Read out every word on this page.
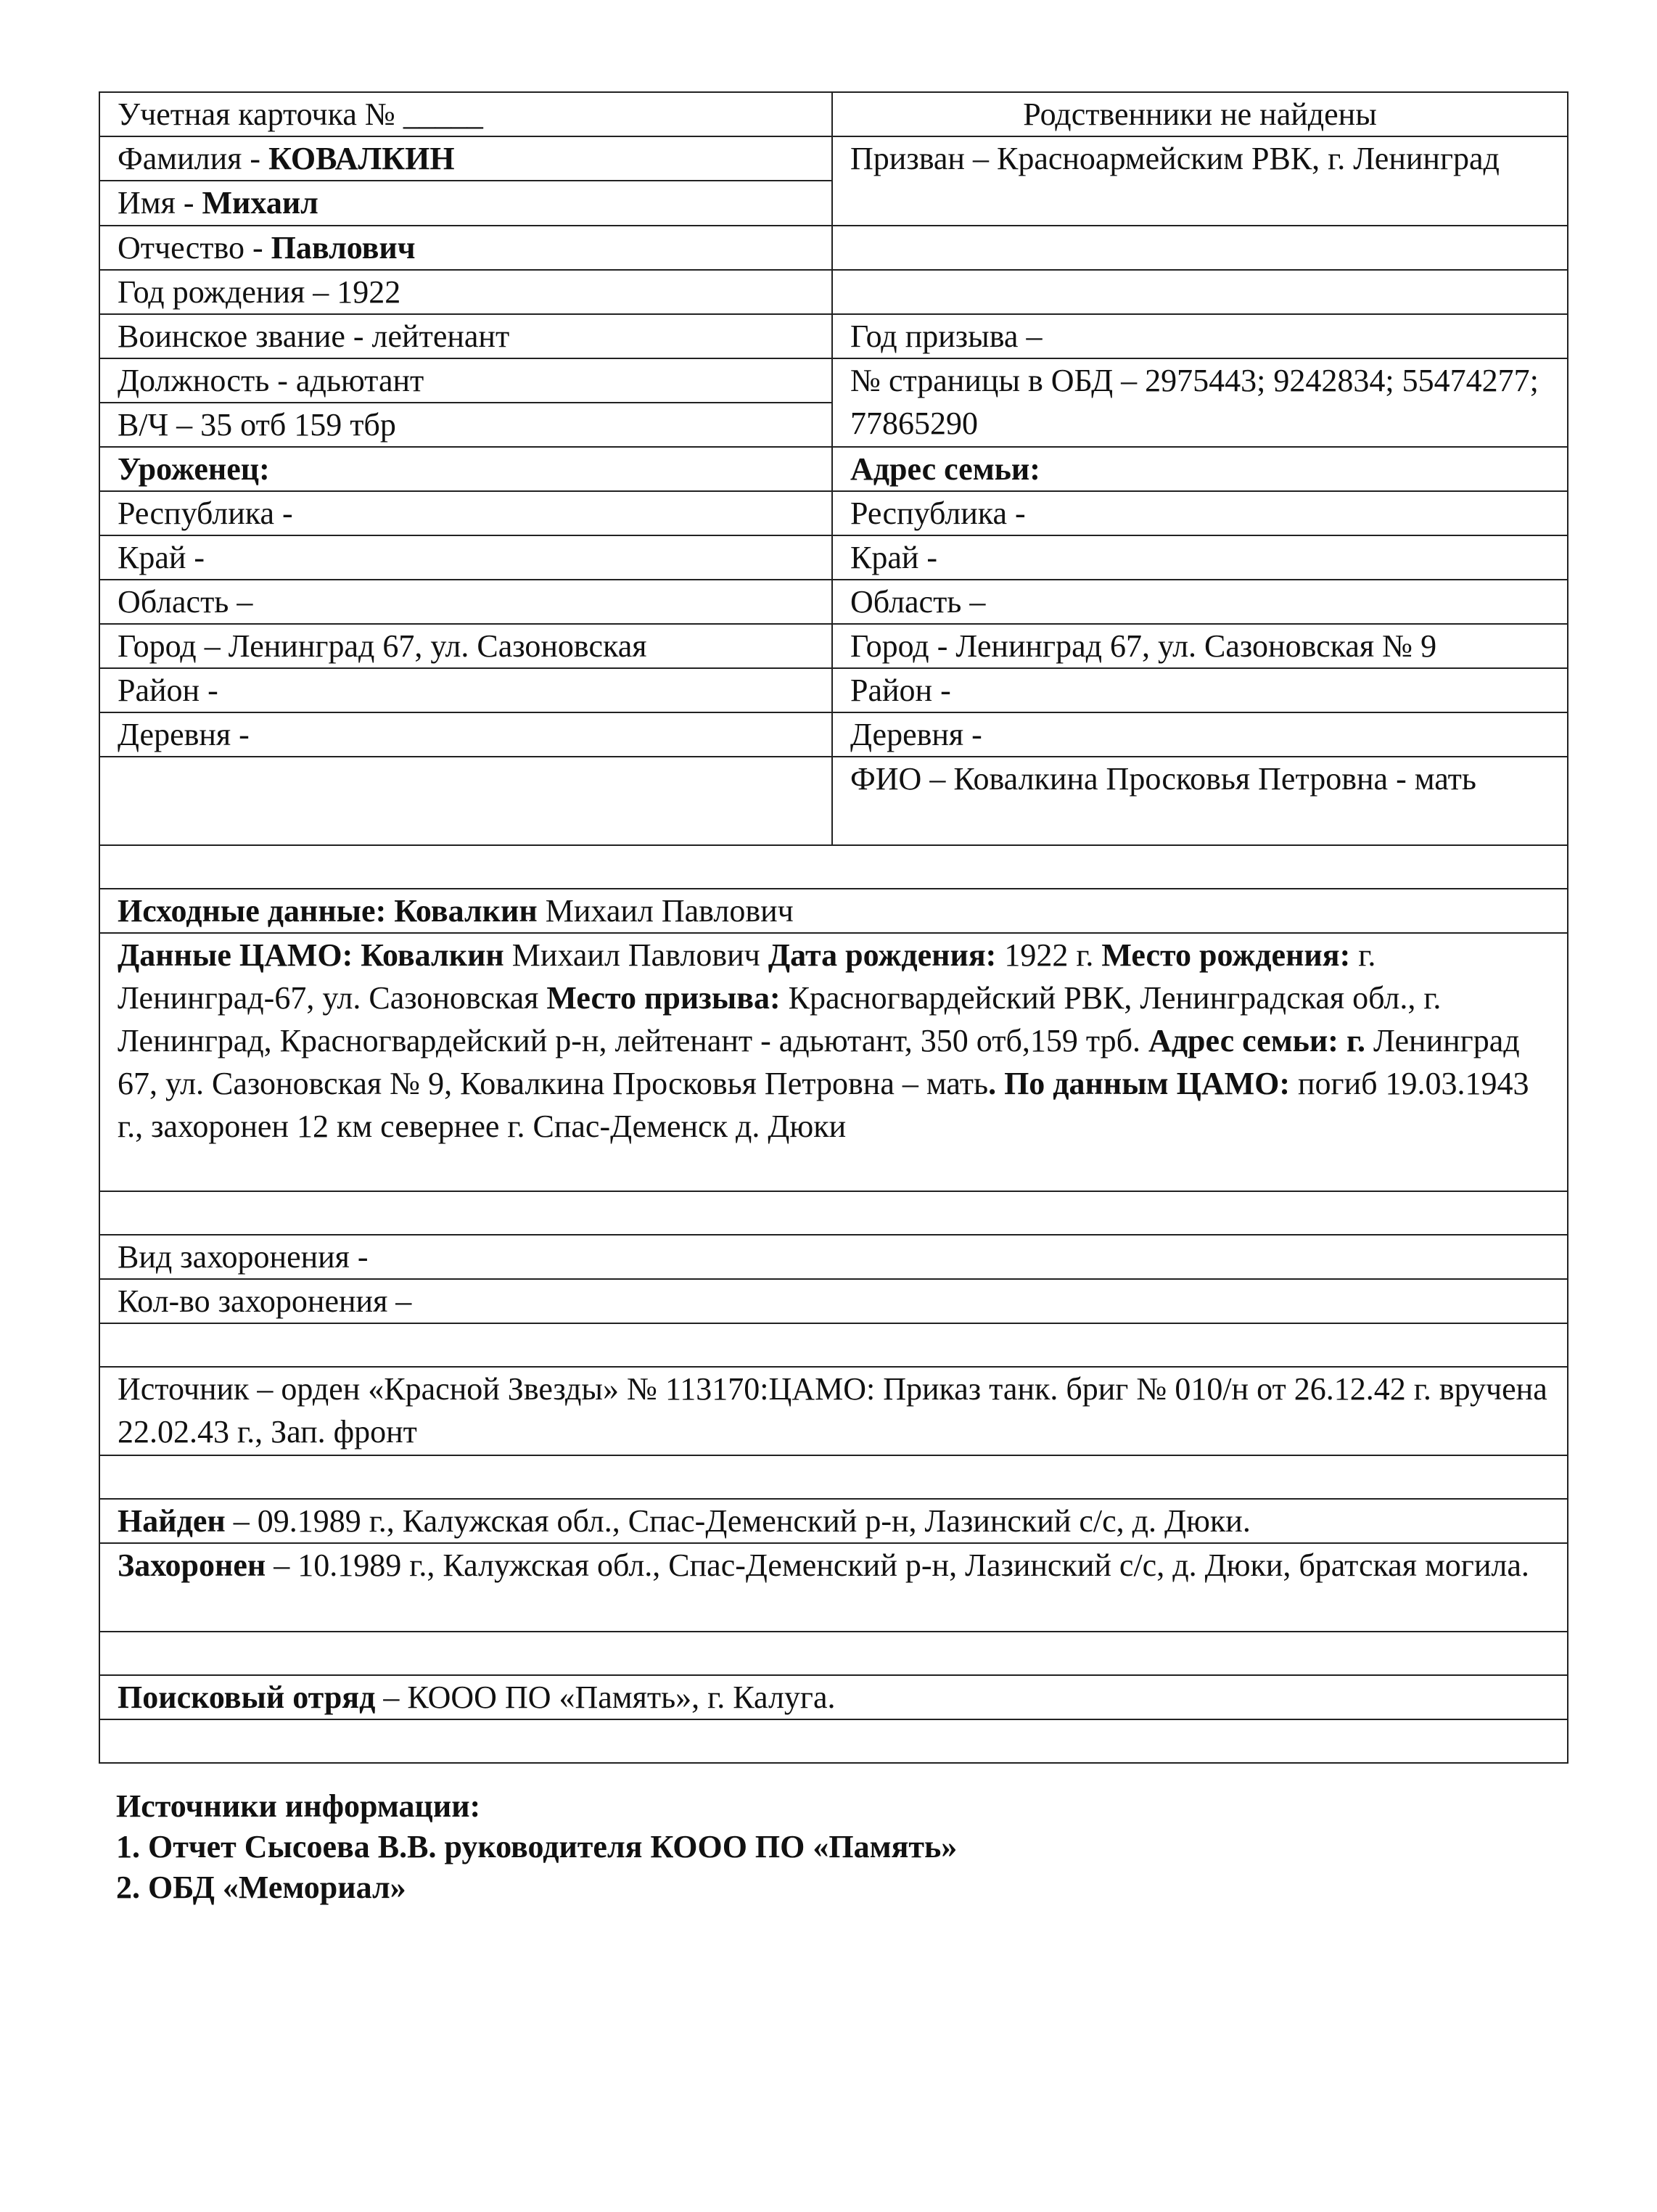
Учетная карточка № _____	Родственники не найдены
Фамилия - КОВАЛКИН	Призван – Красноармейским РВК, г. Ленинград
Имя - Михаил	
Отчество - Павлович	
Год рождения – 1922	
Воинское звание - лейтенант	Год призыва –
Должность - адьютант	№ страницы в ОБД – 2975443; 9242834; 55474277; 77865290
В/Ч – 35 отб 159 тбр	
Уроженец:	Адрес семьи:
Республика -	Республика -
Край -	Край -
Область –	Область –
Город – Ленинград 67, ул. Сазоновская	Город - Ленинград 67, ул. Сазоновская № 9
Район -	Район -
Деревня -	Деревня -
	ФИО – Ковалкина Просковья Петровна - мать

Исходные данные: Ковалкин Михаил Павлович	
Данные ЦАМО: Ковалкин Михаил Павлович Дата рождения: 1922 г. Место рождения: г. Ленинград-67, ул. Сазоновская Место призыва: Красногвардейский РВК, Ленинградская обл., г. Ленинград, Красногвардейский р-н, лейтенант - адьютант, 350 отб,159 трб. Адрес семьи: г. Ленинград 67, ул. Сазоновская № 9, Ковалкина Просковья Петровна – мать. По данным ЦАМО: погиб 19.03.1943 г., захоронен 12 км севернее г. Спас-Деменск д. Дюки	

Вид захоронения -	
Кол-во захоронения –	

Источник – орден «Красной Звезды» № 113170:ЦАМО: Приказ танк. бриг № 010/н от 26.12.42 г. вручена 22.02.43 г., Зап. фронт	

Найден – 09.1989 г., Калужская обл., Спас-Деменский р-н, Лазинский с/с, д. Дюки.	
Захоронен – 10.1989 г., Калужская обл., Спас-Деменский р-н, Лазинский с/с, д. Дюки, братская могила.	

Поисковый отряд – КООО ПО «Память», г. Калуга.	

Источники информации:
1. Отчет Сысоева В.В. руководителя КООО ПО «Память»
2. ОБД «Мемориал»
